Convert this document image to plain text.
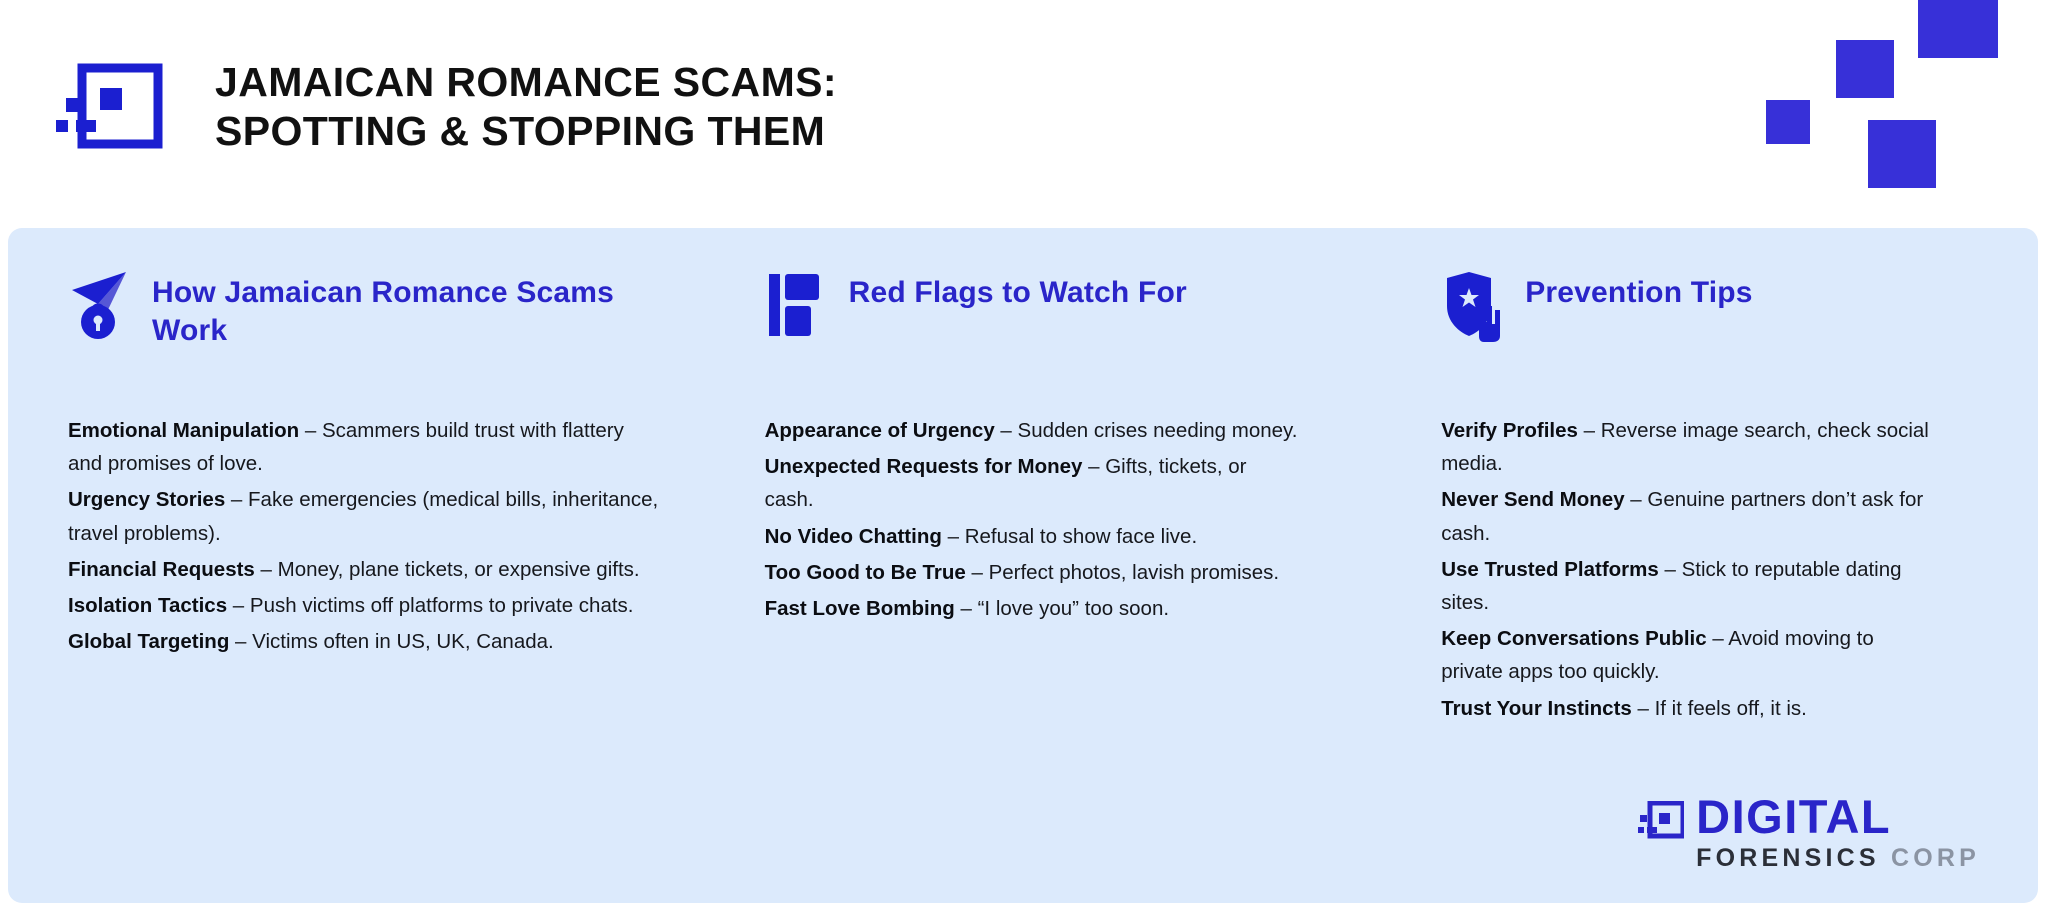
JAMAICAN ROMANCE SCAMS:
SPOTTING & STOPPING THEM
How Jamaican Romance Scams Work

Emotional Manipulation – Scammers build trust with flattery and promises of love.

Urgency Stories – Fake emergencies (medical bills, inheritance, travel problems).

Financial Requests – Money, plane tickets, or expensive gifts.

Isolation Tactics – Push victims off platforms to private chats.

Global Targeting – Victims often in US, UK, Canada.

Red Flags to Watch For

Appearance of Urgency – Sudden crises needing money.

Unexpected Requests for Money – Gifts, tickets, or cash.

No Video Chatting – Refusal to show face live.

Too Good to Be True – Perfect photos, lavish promises.

Fast Love Bombing – “I love you” too soon.

Prevention Tips

Verify Profiles – Reverse image search, check social media.

Never Send Money – Genuine partners don’t ask for cash.

Use Trusted Platforms – Stick to reputable dating sites.

Keep Conversations Public – Avoid moving to private apps too quickly.

Trust Your Instincts – If it feels off, it is.

DIGITAL
FORENSICS CORP
